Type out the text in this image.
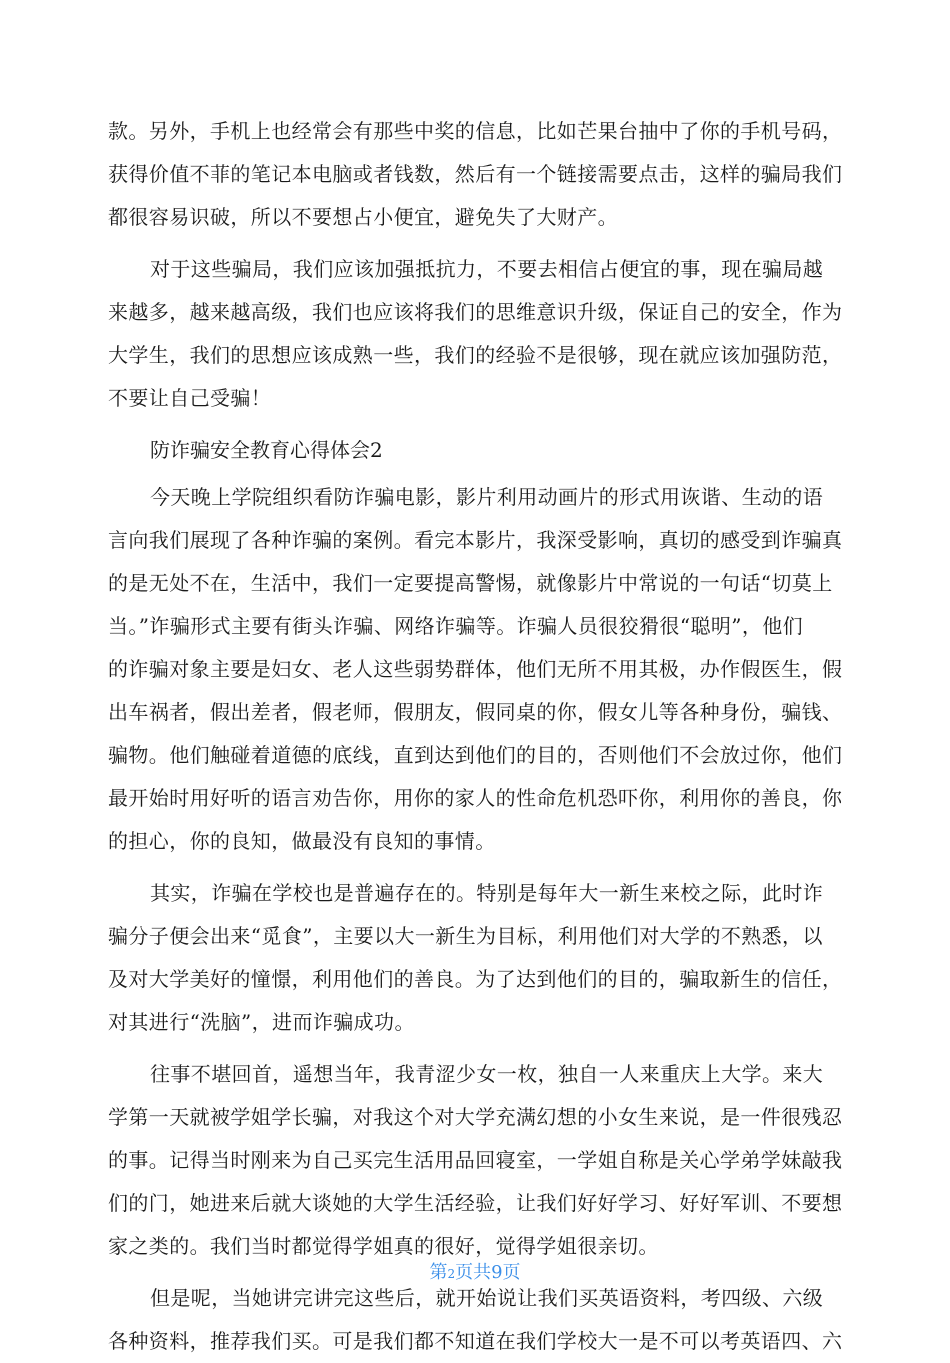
款。另外，手机上也经常会有那些中奖的信息，比如芒果台抽中了你的手机号码，
获得价值不菲的笔记本电脑或者钱数，然后有一个链接需要点击，这样的骗局我们
都很容易识破，所以不要想占小便宜，避免失了大财产。

对于这些骗局，我们应该加强抵抗力，不要去相信占便宜的事，现在骗局越
来越多，越来越高级，我们也应该将我们的思维意识升级，保证自己的安全，作为
大学生，我们的思想应该成熟一些，我们的经验不是很够，现在就应该加强防范，
不要让自己受骗！

防诈骗安全教育心得体会2

今天晚上学院组织看防诈骗电影，影片利用动画片的形式用诙谐、生动的语
言向我们展现了各种诈骗的案例。看完本影片，我深受影响，真切的感受到诈骗真
的是无处不在，生活中，我们一定要提高警惕，就像影片中常说的一句话“切莫上
当。”诈骗形式主要有街头诈骗、网络诈骗等。诈骗人员很狡猾很“聪明”，他们
的诈骗对象主要是妇女、老人这些弱势群体，他们无所不用其极，办作假医生，假
出车祸者，假出差者，假老师，假朋友，假同桌的你，假女儿等各种身份，骗钱、
骗物。他们触碰着道德的底线，直到达到他们的目的，否则他们不会放过你，他们
最开始时用好听的语言劝告你，用你的家人的性命危机恐吓你，利用你的善良，你
的担心，你的良知，做最没有良知的事情。

其实，诈骗在学校也是普遍存在的。特别是每年大一新生来校之际，此时诈
骗分子便会出来“觅食”，主要以大一新生为目标，利用他们对大学的不熟悉，以
及对大学美好的憧憬，利用他们的善良。为了达到他们的目的，骗取新生的信任，
对其进行“洗脑”，进而诈骗成功。

往事不堪回首，遥想当年，我青涩少女一枚，独自一人来重庆上大学。来大
学第一天就被学姐学长骗，对我这个对大学充满幻想的小女生来说，是一件很残忍
的事。记得当时刚来为自己买完生活用品回寝室，一学姐自称是关心学弟学妹敲我
们的门，她进来后就大谈她的大学生活经验，让我们好好学习、好好军训、不要想
家之类的。我们当时都觉得学姐真的很好，觉得学姐很亲切。

但是呢，当她讲完讲完这些后，就开始说让我们买英语资料，考四级、六级
各种资料，推荐我们买。可是我们都不知道在我们学校大一是不可以考英语四、六

第2页共9页
